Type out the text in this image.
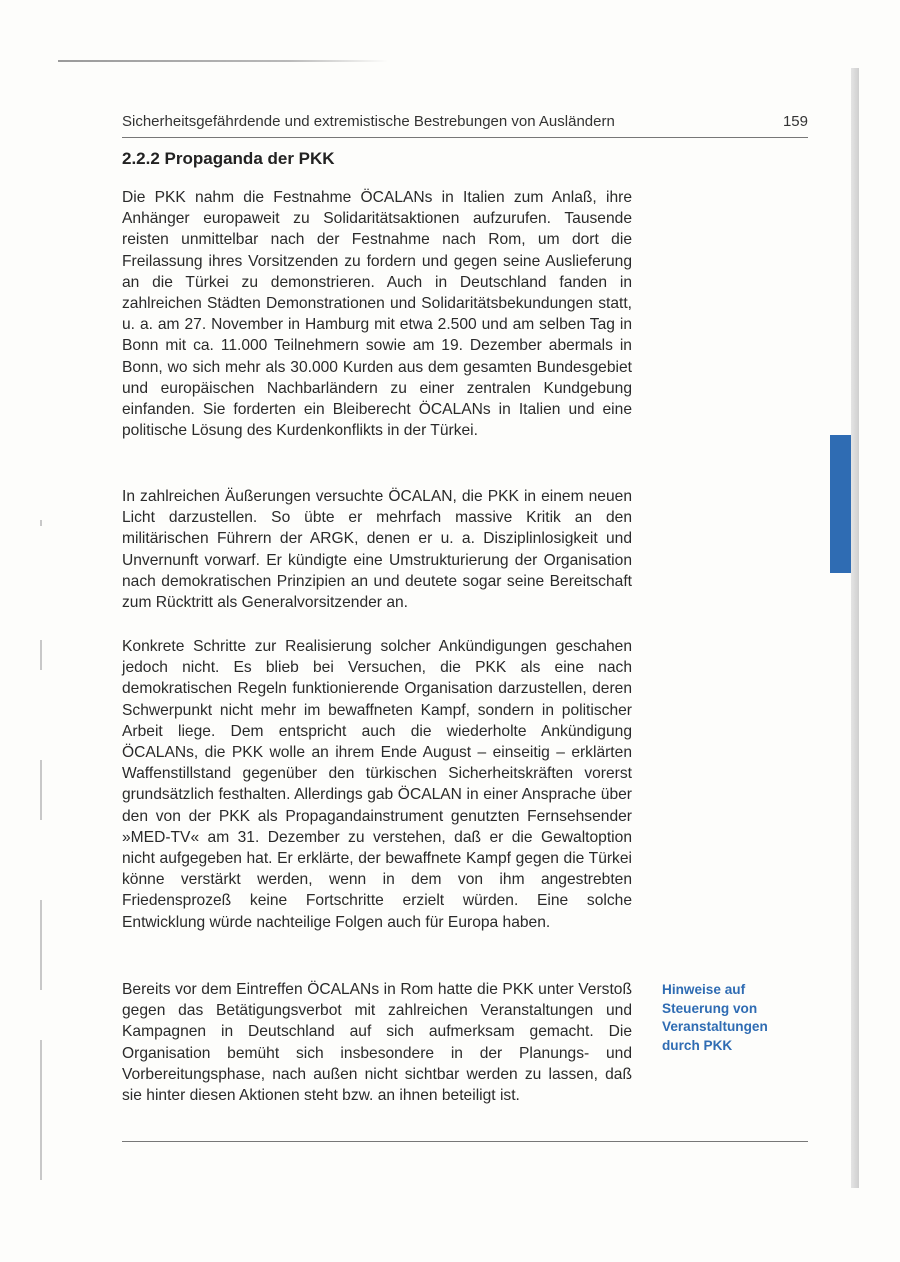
Sicherheitsgefährdende und extremistische Bestrebungen von Ausländern	159
2.2.2 Propaganda der PKK

Die PKK nahm die Festnahme ÖCALANs in Italien zum Anlaß, ihre Anhänger europaweit zu Solidaritätsaktionen aufzurufen. Tausende reisten unmittelbar nach der Festnahme nach Rom, um dort die Freilassung ihres Vorsitzenden zu fordern und gegen seine Auslieferung an die Türkei zu demonstrieren. Auch in Deutschland fanden in zahlreichen Städten Demonstrationen und Solidaritätsbekundungen statt, u. a. am 27. November in Hamburg mit etwa 2.500 und am selben Tag in Bonn mit ca. 11.000 Teilnehmern sowie am 19. Dezember abermals in Bonn, wo sich mehr als 30.000 Kurden aus dem gesamten Bundesgebiet und europäischen Nachbarländern zu einer zentralen Kundgebung einfanden. Sie forderten ein Bleiberecht ÖCALANs in Italien und eine politische Lösung des Kurdenkonflikts in der Türkei.

In zahlreichen Äußerungen versuchte ÖCALAN, die PKK in einem neuen Licht darzustellen. So übte er mehrfach massive Kritik an den militärischen Führern der ARGK, denen er u. a. Disziplinlosigkeit und Unvernunft vorwarf. Er kündigte eine Umstrukturierung der Organisation nach demokratischen Prinzipien an und deutete sogar seine Bereitschaft zum Rücktritt als Generalvorsitzender an.

Konkrete Schritte zur Realisierung solcher Ankündigungen geschahen jedoch nicht. Es blieb bei Versuchen, die PKK als eine nach demokratischen Regeln funktionierende Organisation darzustellen, deren Schwerpunkt nicht mehr im bewaffneten Kampf, sondern in politischer Arbeit liege. Dem entspricht auch die wiederholte Ankündigung ÖCALANs, die PKK wolle an ihrem Ende August – einseitig – erklärten Waffenstillstand gegenüber den türkischen Sicherheitskräften vorerst grundsätzlich festhalten. Allerdings gab ÖCALAN in einer Ansprache über den von der PKK als Propagandainstrument genutzten Fernsehsender »MED-TV« am 31. Dezember zu verstehen, daß er die Gewaltoption nicht aufgegeben hat. Er erklärte, der bewaffnete Kampf gegen die Türkei könne verstärkt werden, wenn in dem von ihm angestrebten Friedensprozeß keine Fortschritte erzielt würden. Eine solche Entwicklung würde nachteilige Folgen auch für Europa haben.

Bereits vor dem Eintreffen ÖCALANs in Rom hatte die PKK unter Verstoß gegen das Betätigungsverbot mit zahlreichen Veranstaltungen und Kampagnen in Deutschland auf sich aufmerksam gemacht. Die Organisation bemüht sich insbesondere in der Planungs- und Vorbereitungsphase, nach außen nicht sichtbar werden zu lassen, daß sie hinter diesen Aktionen steht bzw. an ihnen beteiligt ist.

Hinweise auf Steuerung von Veranstaltungen durch PKK
